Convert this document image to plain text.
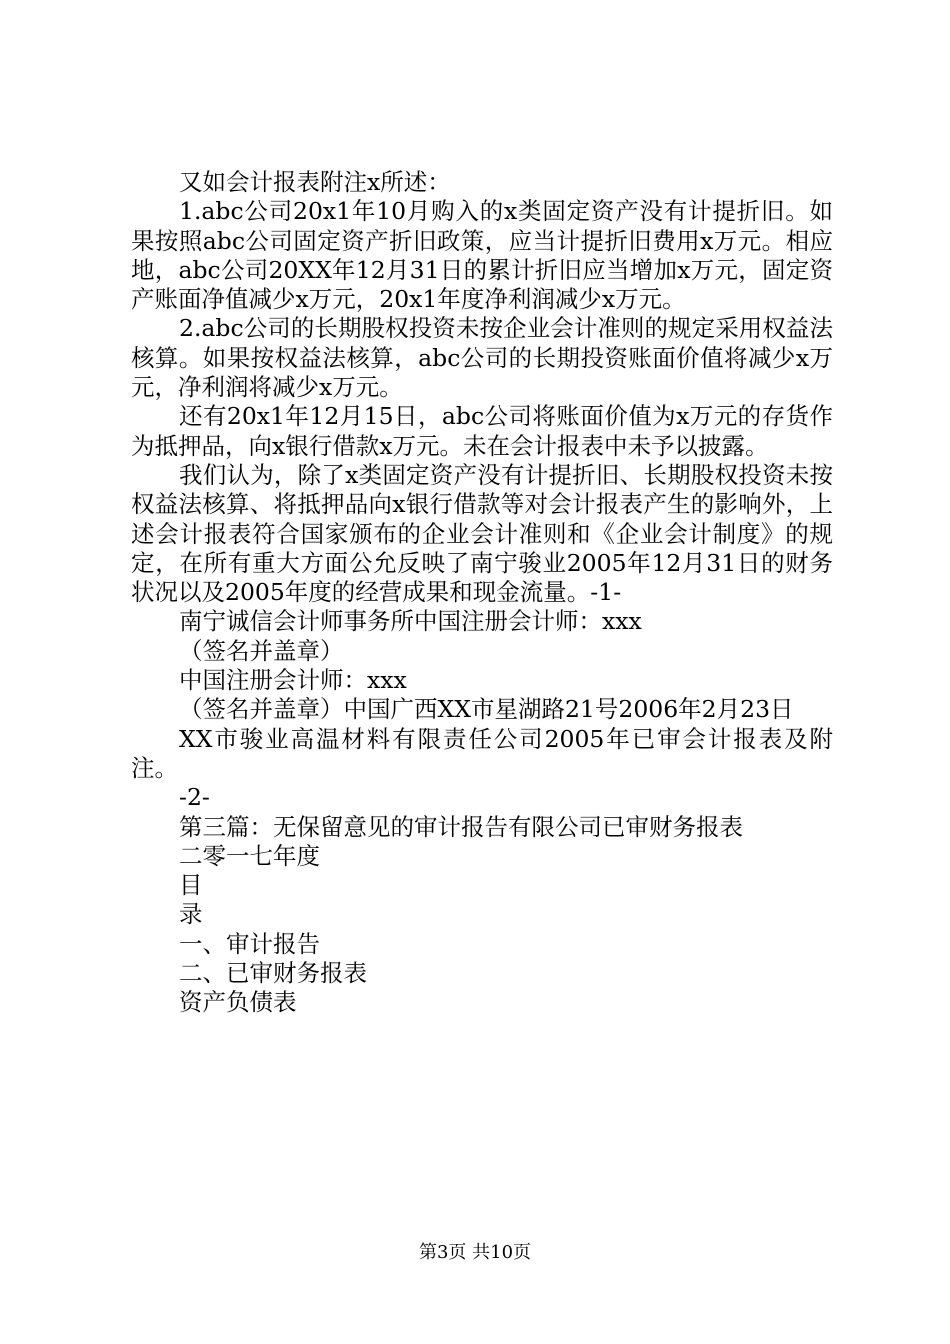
又如会计报表附注x所述：

1.abc公司20x1年10月购入的x类固定资产没有计提折旧。如果按照abc公司固定资产折旧政策，应当计提折旧费用x万元。相应地，abc公司20XX年12月31日的累计折旧应当增加x万元，固定资产账面净值减少x万元，20x1年度净利润减少x万元。

2.abc公司的长期股权投资未按企业会计准则的规定采用权益法核算。如果按权益法核算，abc公司的长期投资账面价值将减少x万元，净利润将减少x万元。

还有20x1年12月15日，abc公司将账面价值为x万元的存货作为抵押品，向x银行借款x万元。未在会计报表中未予以披露。

我们认为，除了x类固定资产没有计提折旧、长期股权投资未按权益法核算、将抵押品向x银行借款等对会计报表产生的影响外，上述会计报表符合国家颁布的企业会计准则和《企业会计制度》的规定，在所有重大方面公允反映了南宁骏业2005年12月31日的财务状况以及2005年度的经营成果和现金流量。-1-

南宁诚信会计师事务所中国注册会计师：xxx

（签名并盖章）

中国注册会计师：xxx

（签名并盖章）中国广西XX市星湖路21号2006年2月23日

XX市骏业高温材料有限责任公司2005年已审会计报表及附注。

-2-

第三篇：无保留意见的审计报告有限公司已审财务报表

二零一七年度

目

录

一、审计报告

二、已审财务报表

资产负债表

第3页 共10页
